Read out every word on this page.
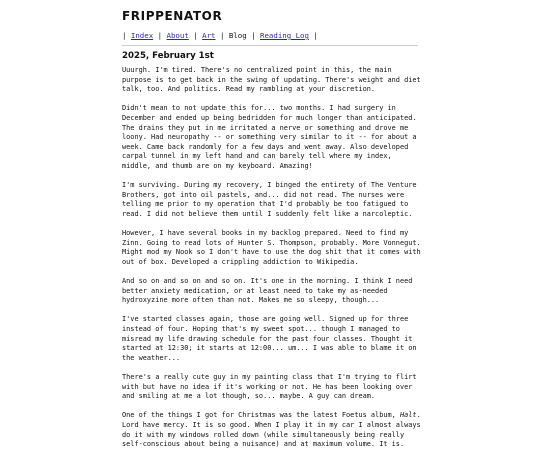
FRIPPENATOR
| Index | About | Art | Blog | Reading Log |
2025, February 1st

Uuurgh. I'm tired. There's no centralized point in this, the main purpose is to get back in the swing of updating. There's weight and diet talk, too. And politics. Read my rambling at your discretion.

Didn't mean to not update this for... two months. I had surgery in December and ended up being bedridden for much longer than anticipated. The drains they put in me irritated a nerve or something and drove me loony. Had neuropathy -- or something very similar to it -- for about a week. Came back randomly for a few days and went away. Also developed carpal tunnel in my left hand and can barely tell where my index, middle, and thumb are on my keyboard. Amazing!

I'm surviving. During my recovery, I binged the entirety of The Venture Brothers, got into oil pastels, and... did not read. The nurses were telling me prior to my operation that I'd probably be too fatigued to read. I did not believe them until I suddenly felt like a narcoleptic.

However, I have several books in my backlog prepared. Need to find my Zinn. Going to read lots of Hunter S. Thompson, probably. More Vonnegut. Might mod my Nook so I don't have to use the dog shit that it comes with out of box. Developed a crippling addiction to Wikipedia.

And so on and so on and so on. It's one in the morning. I think I need better anxiety medication, or at least need to take my as-needed hydroxyzine more often than not. Makes me so sleepy, though...

I've started classes again, those are going well. Signed up for three instead of four. Hoping that's my sweet spot... though I managed to misread my life drawing schedule for the past four classes. Thought it started at 12:30; it starts at 12:00... um... I was able to blame it on the weather...

There's a really cute guy in my painting class that I'm trying to flirt with but have no idea if it's working or not. He has been looking over and smiling at me a lot though, so... maybe. A guy can dream.

One of the things I got for Christmas was the latest Foetus album, Halt. Lord have mercy. It is so good. When I play it in my car I almost always do it with my windows rolled down (while simultaneously being really self-conscious about being a nuisance) and at maximum volume. It is.
